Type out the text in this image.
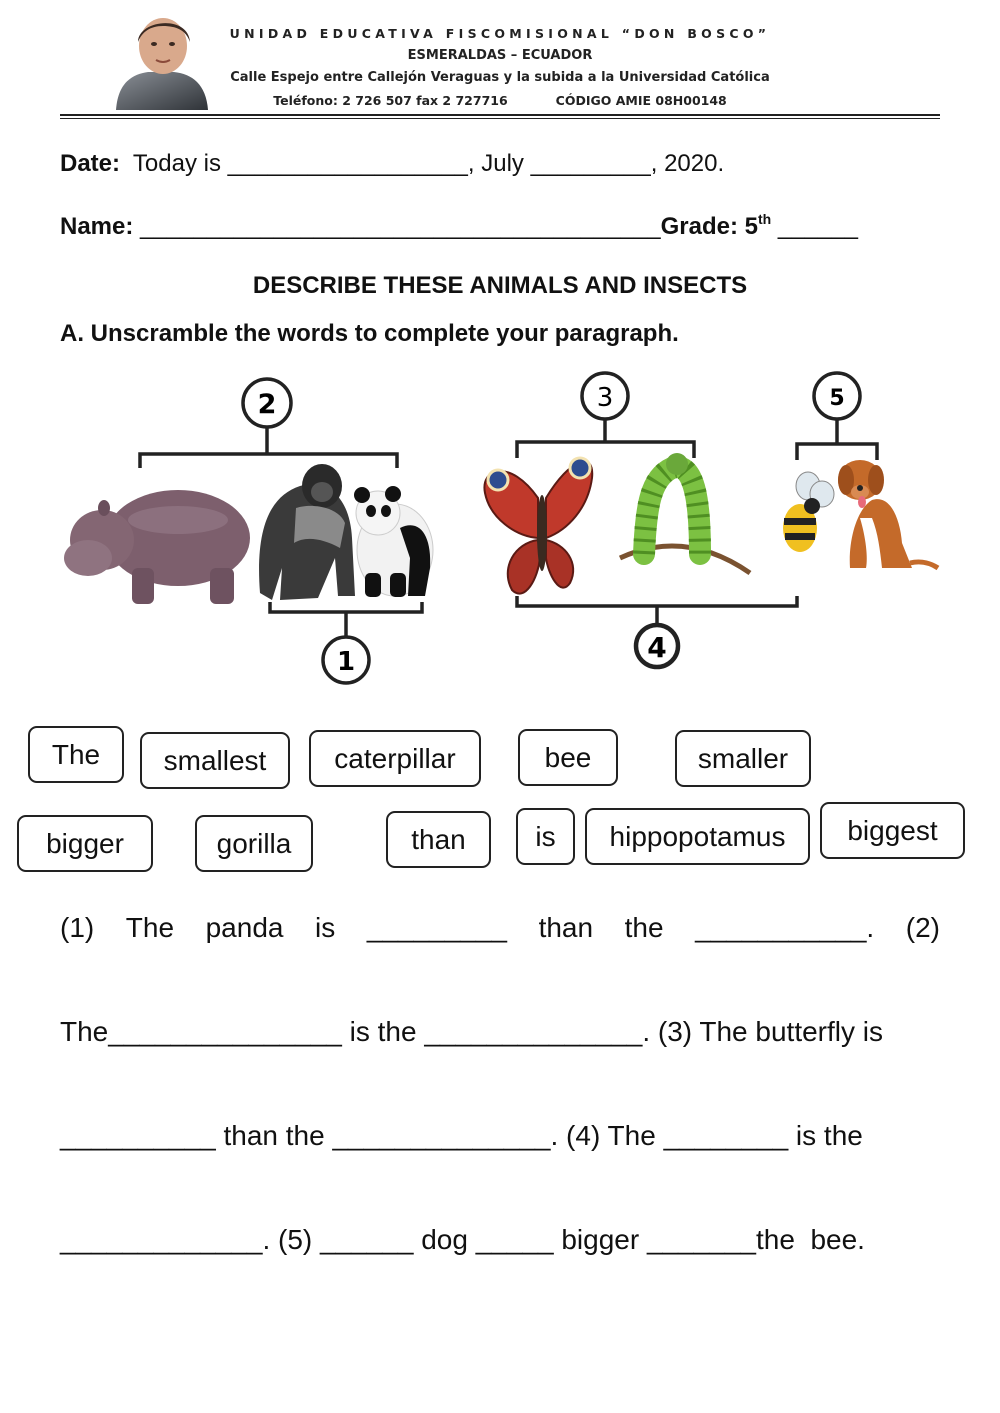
UNIDAD EDUCATIVA FISCOMISIONAL “DON BOSCO”
ESMERALDAS – ECUADOR
Calle Espejo entre Callejón Veraguas y la subida a la Universidad Católica
Teléfono: 2 726 507 fax 2 727716	CÓDIGO AMIE 08H00148
Date:  Today is __________________, July _________, 2020.
Name: _______________________________________Grade: 5th ______
DESCRIBE THESE ANIMALS AND INSECTS
A. Unscramble the words to complete your paragraph.
2
1
3
4
5
The	smallest	caterpillar	bee	smaller
bigger	gorilla	than	is	hippopotamus	biggest
(1) The panda is _________ than the ___________. (2)
The_______________ is the ______________. (3) The butterfly is
__________ than the ______________. (4) The ________ is the
_____________. (5) ______ dog _____ bigger _______the  bee.
